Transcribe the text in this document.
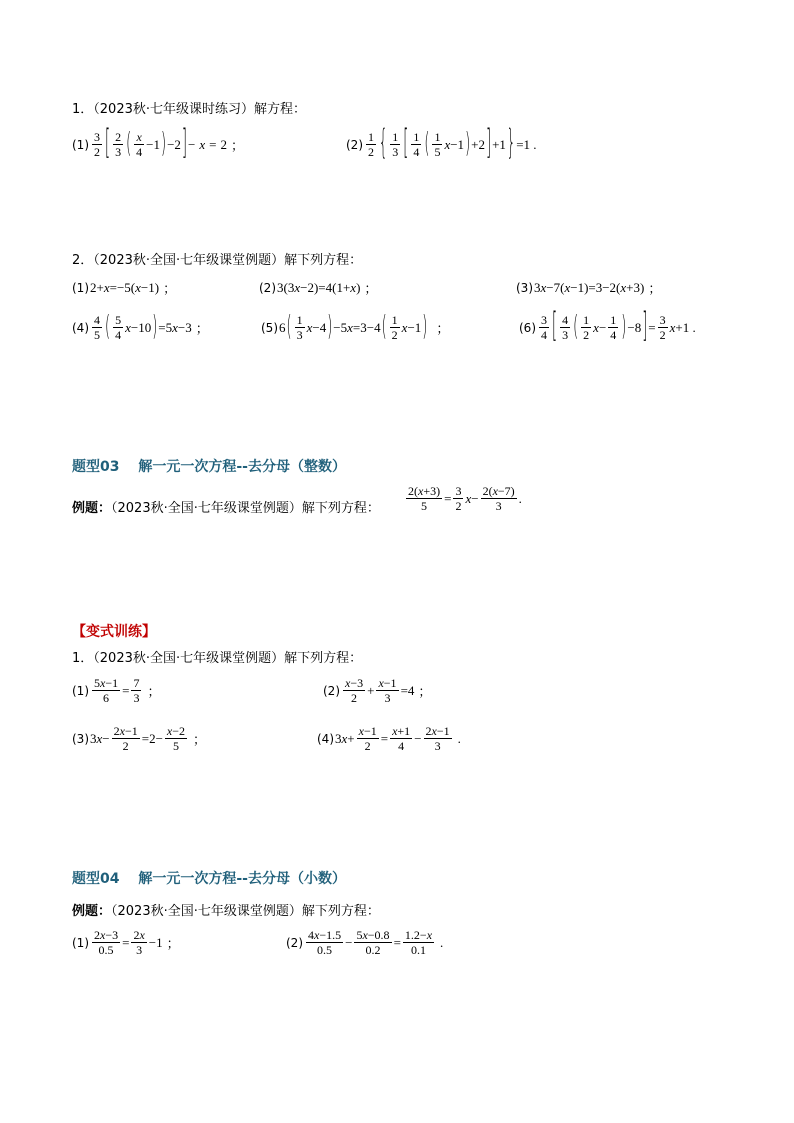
1．（2023秋·七年级课时练习）解方程：
$(1) \frac{3}{2}$ [ $\frac{2}{3}$ ( $\frac{x}{4} -1$ ) −2 ] − x = 2 ；	$(2) \frac{1}{2}$ { $\frac{1}{3}$ [ $\frac{1}{4}$ ( $\frac{1}{5}$ x −1 ) +2 ] +1 } =1 .
2．（2023秋·全国·七年级课堂例题）解下列方程：
(1) 2+ x =−5( x −1) ；	(2) 3(3 x −2)=4(1+ x ) ；	(3) 3 x −7( x −1)=3−2( x +3) ；
$(4) \frac{4}{5}$ ( $\frac{5}{4}$ x −10 ) =5 x −3 ；	(5) 6 ( $\frac{1}{3}$ x −4 ) −5 x =3−4 ( $\frac{1}{2}$ x −1 ) ；	$(6) \frac{3}{4}$ [ $\frac{4}{3}$ ( $\frac{1}{2}$ $x - \frac{1}{4}$ ) −8 ] = $\frac{3}{2}$ x +1 .
题型03　 解一元一次方程--去分母（整数）
例题：（2023秋·全国·七年级课堂例题）解下列方程： $\frac{2(x+3)}{5} = \frac{3}{2}$ $x - \frac{2(x-7)}{3}$ .
【变式训练】
1．（2023秋·全国·七年级课堂例题）解下列方程：
$(1) \frac{5x-1}{6} = \frac{7}{3}$ ；	$(2) \frac{x-3}{2} + \frac{x-1}{3} =4$ ；
(3) 3 $x - \frac{2x-1}{2} =2- \frac{x-2}{5}$ ；	(4) 3 $x + \frac{x-1}{2} = \frac{x+1}{4} - \frac{2x-1}{3}$ .
题型04　 解一元一次方程--去分母（小数）
例题：（2023秋·全国·七年级课堂例题）解下列方程：
$(1) \frac{2x-3}{0.5} = \frac{2x}{3} -1$ ；	$(2) \frac{4x-1.5}{0.5} - \frac{5x-0.8}{0.2} = \frac{1.2-x}{0.1}$ .
